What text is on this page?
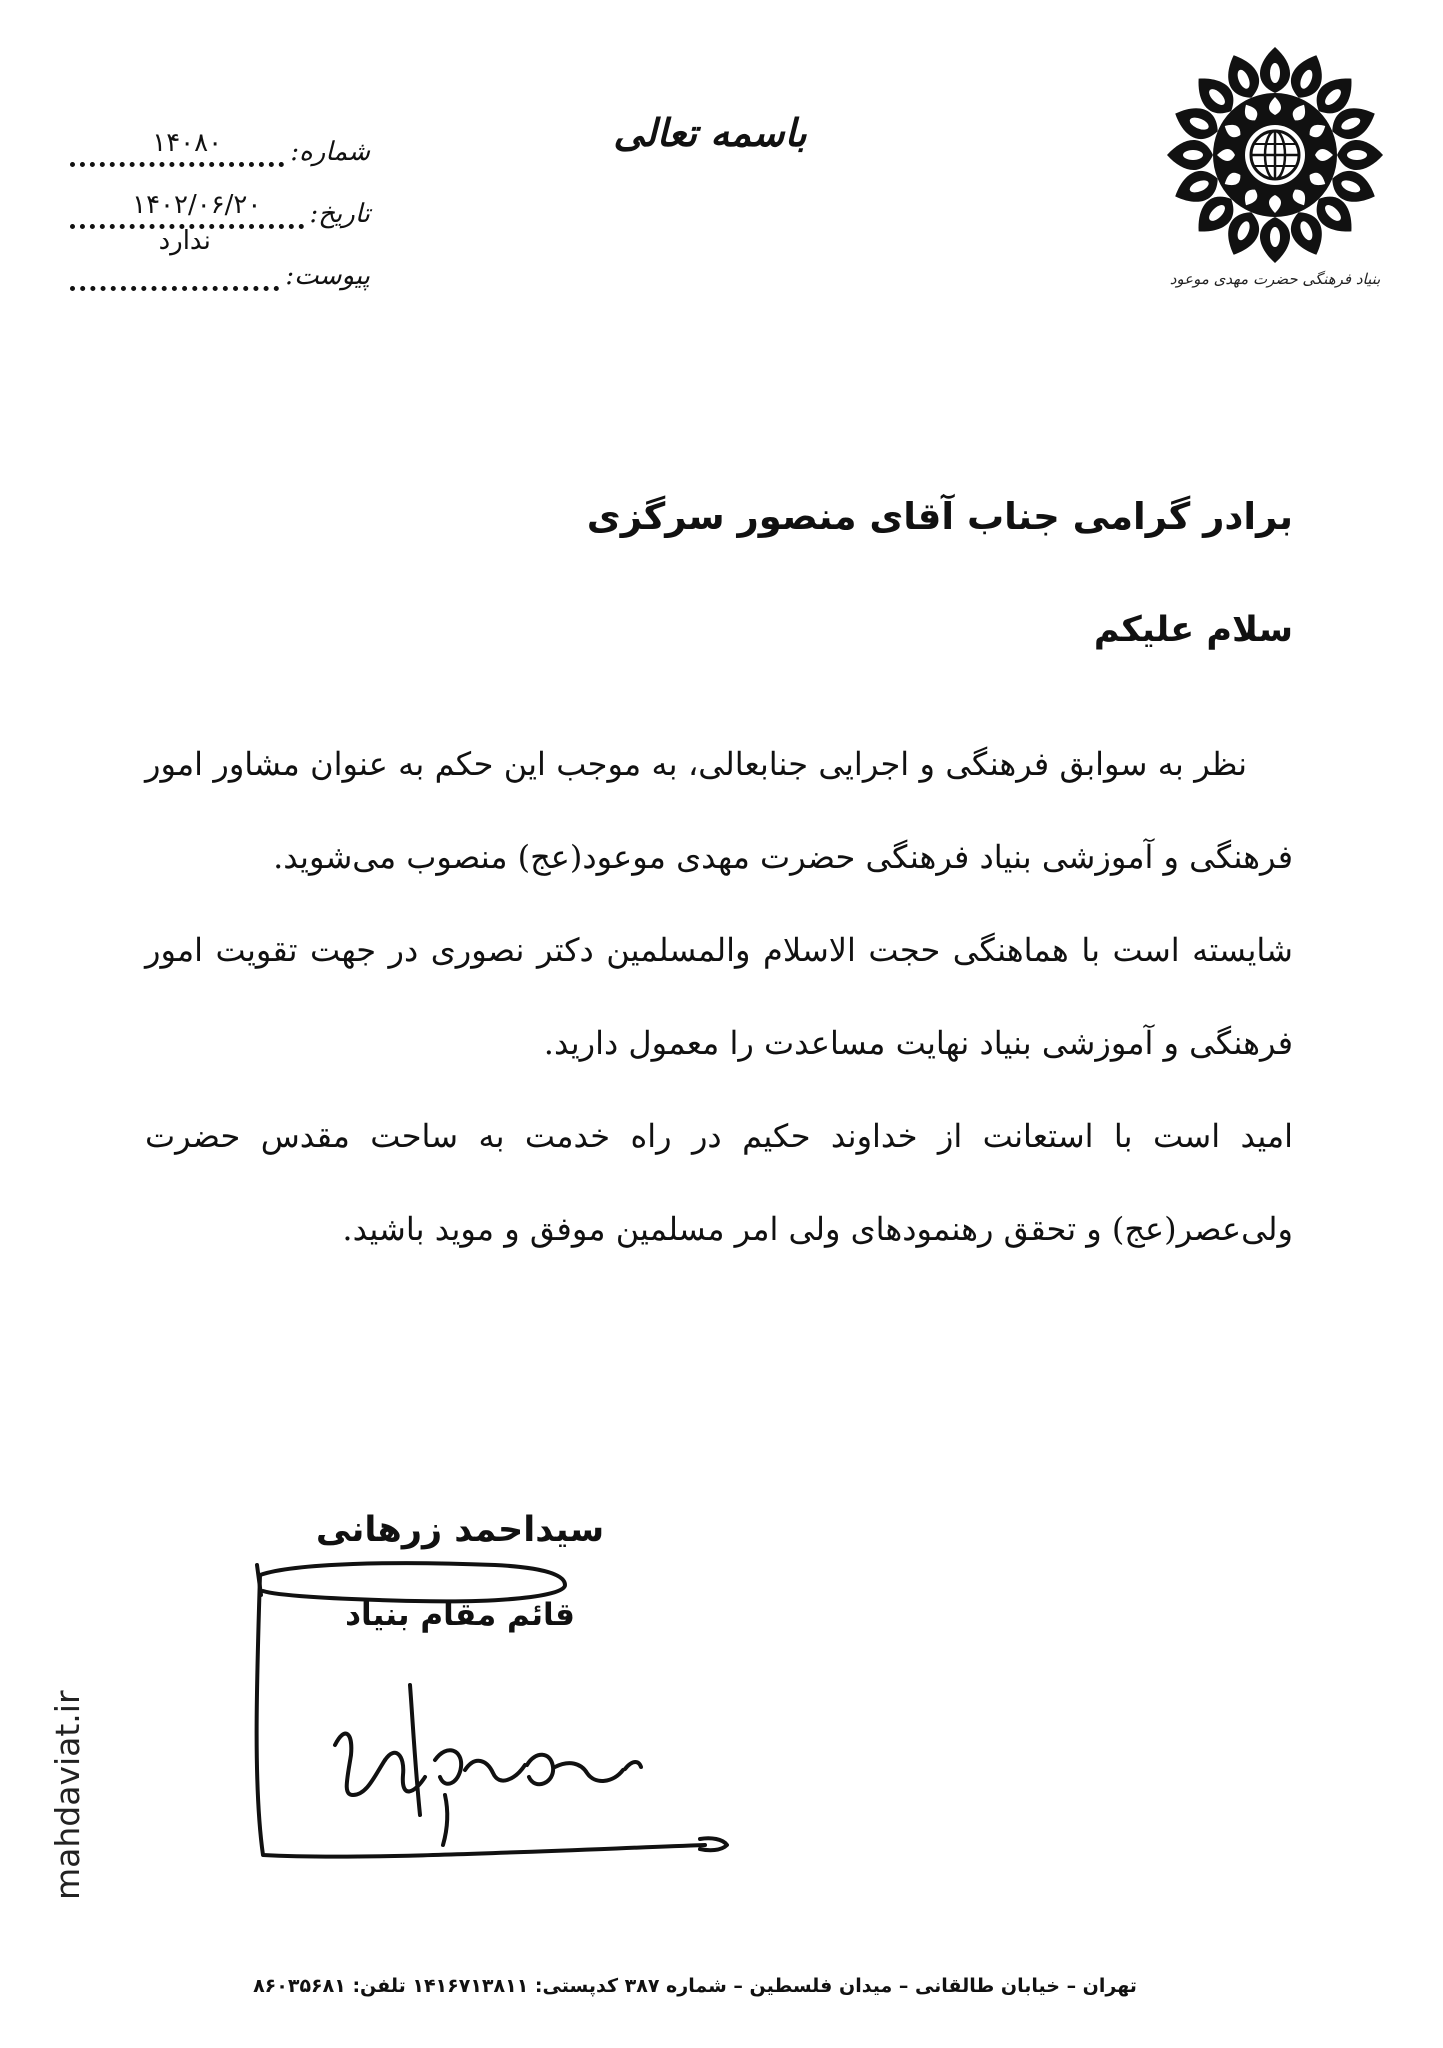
بنیاد فرهنگی حضرت مهدی موعود
باسمه تعالی
شماره:
۱۴۰۸۰
تاریخ:
۱۴۰۲/۰۶/۲۰
پیوست:
ندارد
برادر گرامی جناب آقای منصور سرگزی
سلام علیکم

نظر به سوابق فرهنگی و اجرایی جنابعالی، به موجب این حکم به عنوان مشاور امور فرهنگی و آموزشی بنیاد فرهنگی حضرت مهدی موعود(عج) منصوب می‌شوید.

شایسته است با هماهنگی حجت الاسلام والمسلمین دکتر نصوری در جهت تقویت امور فرهنگی و آموزشی بنیاد نهایت مساعدت را معمول دارید.

امید است با استعانت از خداوند حکیم در راه خدمت به ساحت مقدس حضرت ولی‌عصر(عج) و تحقق رهنمودهای ولی امر مسلمین موفق و موید باشید.

سیداحمد زرهانی
قائم مقام بنیاد
mahdaviat.ir
تهران – خیابان طالقانی – میدان فلسطین – شماره ۳۸۷ کدپستی: ۱۴۱۶۷۱۳۸۱۱ تلفن: ۸۶۰۳۵۶۸۱
